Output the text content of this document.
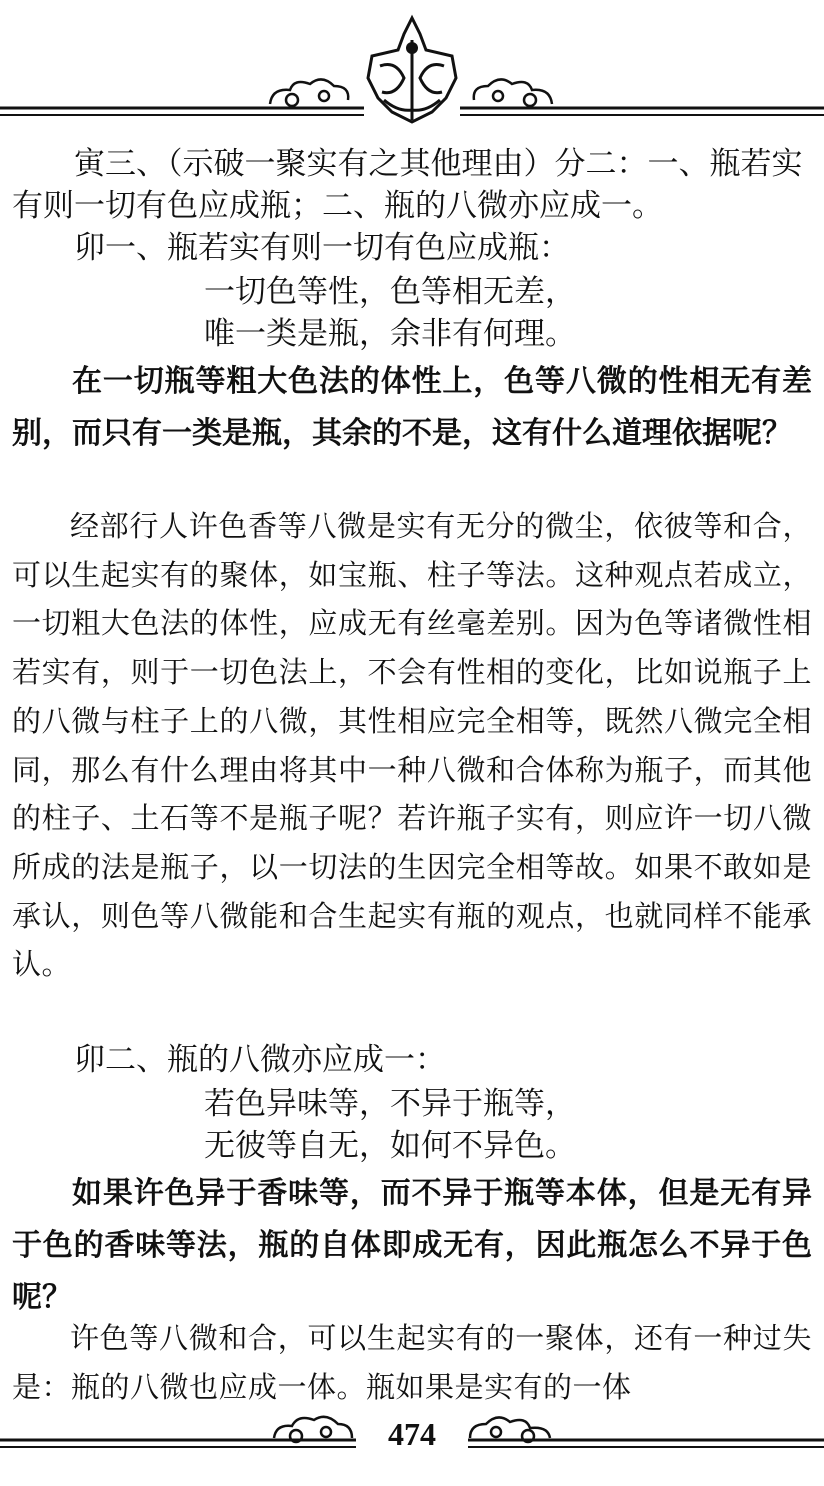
寅三、（示破一聚实有之其他理由）分二：一、瓶若实有则一切有色应成瓶；二、瓶的八微亦应成一。

卯一、瓶若实有则一切有色应成瓶：

一切色等性，色等相无差，
唯一类是瓶，余非有何理。

在一切瓶等粗大色法的体性上，色等八微的性相无有差别，而只有一类是瓶，其余的不是，这有什么道理依据呢？

经部行人许色香等八微是实有无分的微尘，依彼等和合，可以生起实有的聚体，如宝瓶、柱子等法。这种观点若成立，一切粗大色法的体性，应成无有丝毫差别。因为色等诸微性相若实有，则于一切色法上，不会有性相的变化，比如说瓶子上的八微与柱子上的八微，其性相应完全相等，既然八微完全相同，那么有什么理由将其中一种八微和合体称为瓶子，而其他的柱子、土石等不是瓶子呢？若许瓶子实有，则应许一切八微所成的法是瓶子，以一切法的生因完全相等故。如果不敢如是承认，则色等八微能和合生起实有瓶的观点，也就同样不能承认。

卯二、瓶的八微亦应成一：

若色异味等，不异于瓶等，
无彼等自无，如何不异色。

如果许色异于香味等，而不异于瓶等本体，但是无有异于色的香味等法，瓶的自体即成无有，因此瓶怎么不异于色呢？

许色等八微和合，可以生起实有的一聚体，还有一种过失是：瓶的八微也应成一体。瓶如果是实有的一体

474
